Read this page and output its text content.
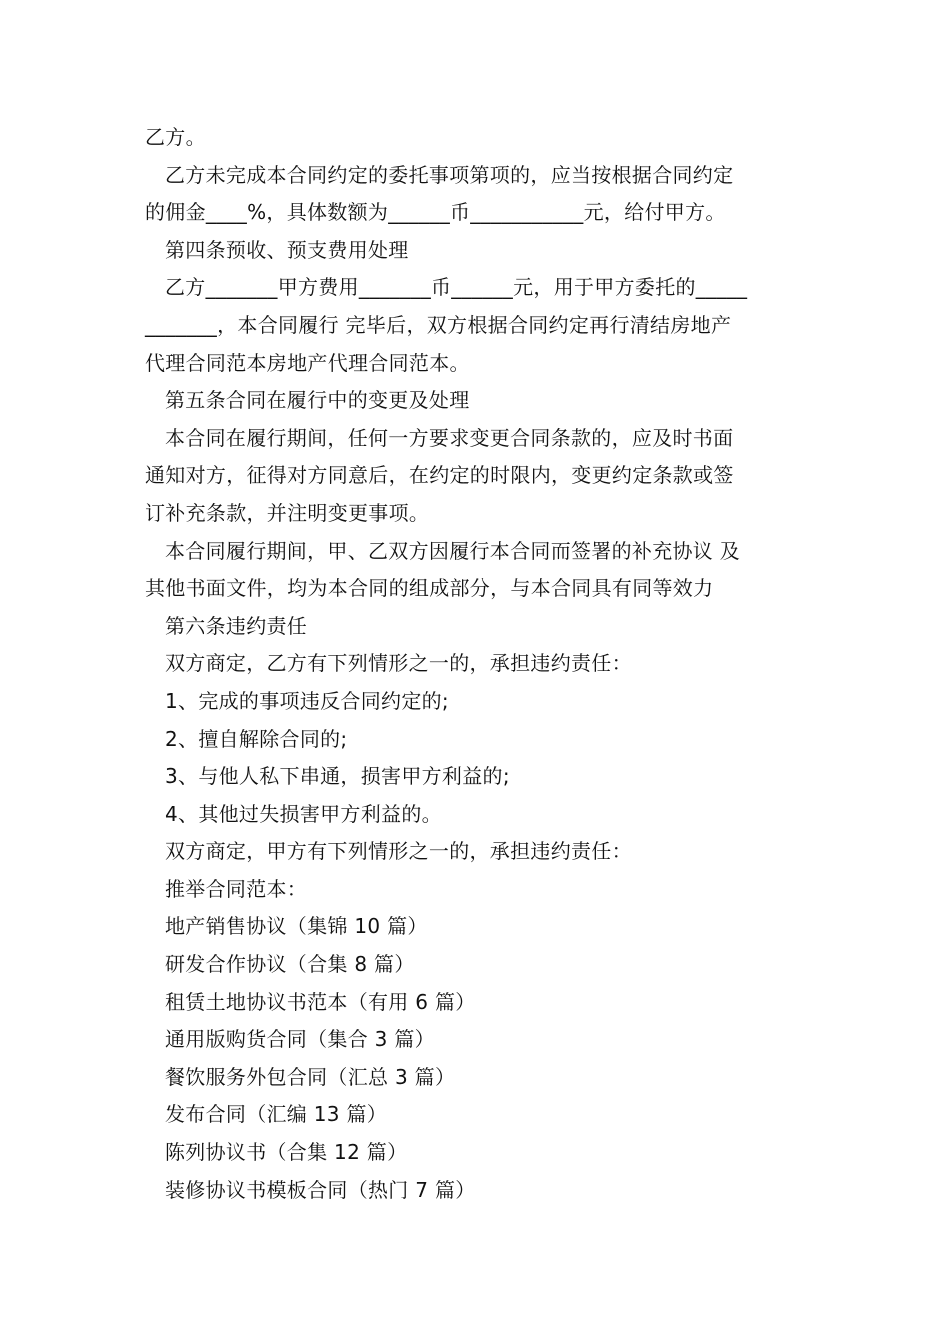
乙方。
乙方未完成本合同约定的委托事项第项的，应当按根据合同约定
的佣金____%，具体数额为______币___________元，给付甲方。
第四条预收、预支费用处理
乙方_______甲方费用_______币______元，用于甲方委托的_____
_______，本合同履行 完毕后，双方根据合同约定再行清结房地产
代理合同范本房地产代理合同范本。
第五条合同在履行中的变更及处理
本合同在履行期间，任何一方要求变更合同条款的，应及时书面
通知对方，征得对方同意后，在约定的时限内，变更约定条款或签
订补充条款，并注明变更事项。
本合同履行期间，甲、乙双方因履行本合同而签署的补充协议 及
其他书面文件，均为本合同的组成部分，与本合同具有同等效力
第六条违约责任
双方商定，乙方有下列情形之一的，承担违约责任：
1、完成的事项违反合同约定的;
2、擅自解除合同的;
3、与他人私下串通，损害甲方利益的;
4、其他过失损害甲方利益的。
双方商定，甲方有下列情形之一的，承担违约责任：
推举合同范本：
地产销售协议（集锦 10 篇）
研发合作协议（合集 8 篇）
租赁土地协议书范本（有用 6 篇）
通用版购货合同（集合 3 篇）
餐饮服务外包合同（汇总 3 篇）
发布合同（汇编 13 篇）
陈列协议书（合集 12 篇）
装修协议书模板合同（热门 7 篇）
